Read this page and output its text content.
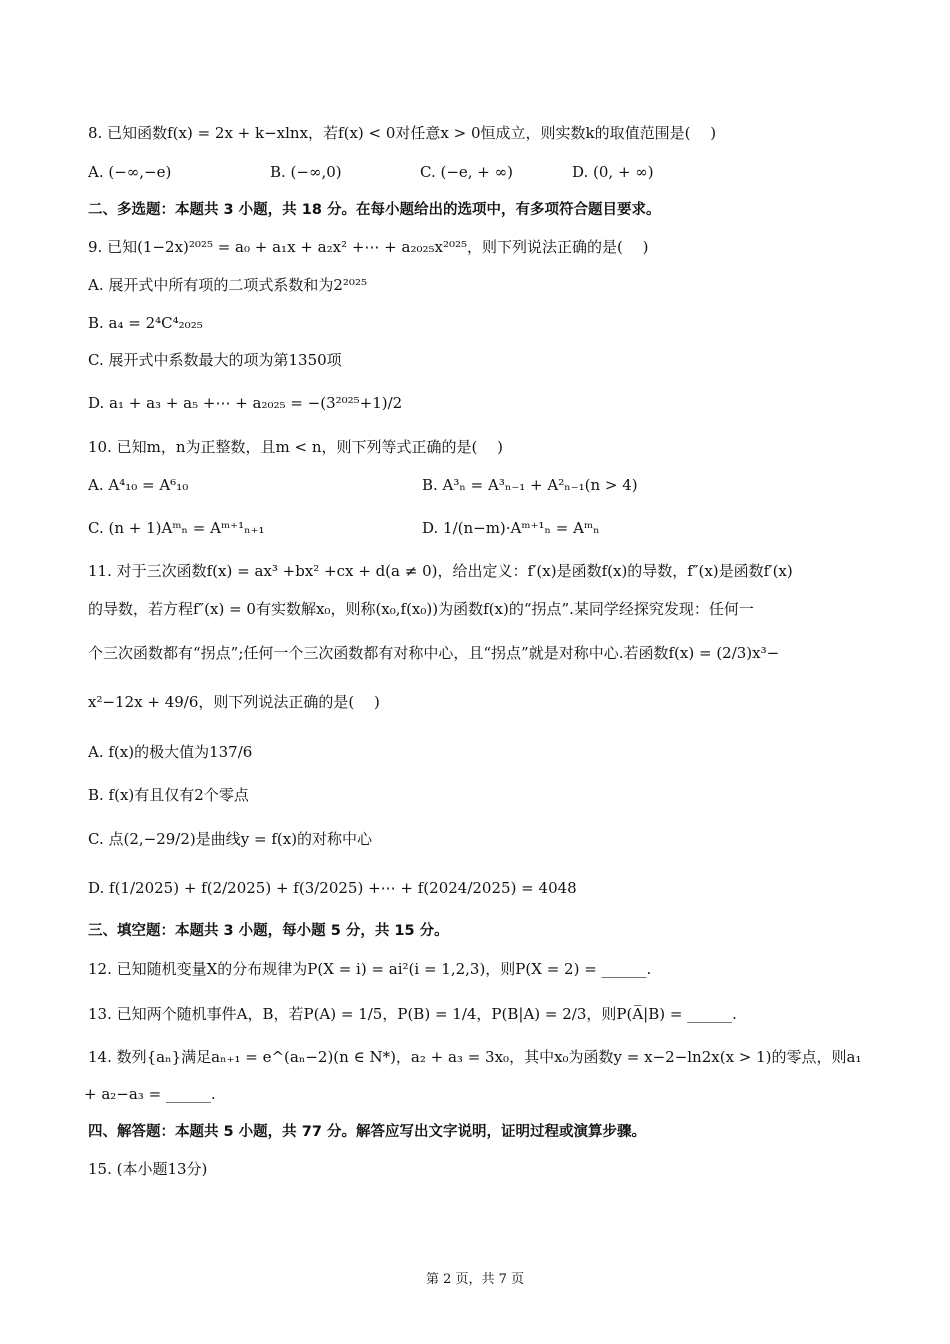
8. 已知函数f(x) = 2x + k−xlnx，若f(x) < 0对任意x > 0恒成立，则实数k的取值范围是(  )
A. (−∞,−e)	B. (−∞,0)	C. (−e, + ∞)	D. (0, + ∞)
二、多选题：本题共 3 小题，共 18 分。在每小题给出的选项中，有多项符合题目要求。
9. 已知(1−2x)²⁰²⁵ = a₀ + a₁x + a₂x² +⋯ + a₂₀₂₅x²⁰²⁵，则下列说法正确的是(  )
A. 展开式中所有项的二项式系数和为2²⁰²⁵
B. a₄ = 2⁴C⁴₂₀₂₅
C. 展开式中系数最大的项为第1350项
D. a₁ + a₃ + a₅ +⋯ + a₂₀₂₅ = −(3²⁰²⁵+1)/2
10. 已知m，n为正整数，且m < n，则下列等式正确的是(  )
A. A⁴₁₀ = A⁶₁₀	B. A³ₙ = A³ₙ₋₁ + A²ₙ₋₁(n > 4)
C. (n + 1)Aᵐₙ = Aᵐ⁺¹ₙ₊₁	D. 1/(n−m)·Aᵐ⁺¹ₙ = Aᵐₙ
11. 对于三次函数f(x) = ax³ +bx² +cx + d(a ≠ 0)，给出定义：f′(x)是函数f(x)的导数，f″(x)是函数f′(x)
的导数，若方程f″(x) = 0有实数解x₀，则称(x₀,f(x₀))为函数f(x)的“拐点”.某同学经探究发现：任何一
个三次函数都有“拐点”;任何一个三次函数都有对称中心，且“拐点”就是对称中心.若函数f(x) = (2/3)x³−
x²−12x + 49/6，则下列说法正确的是(  )
A. f(x)的极大值为137/6
B. f(x)有且仅有2个零点
C. 点(2,−29/2)是曲线y = f(x)的对称中心
D. f(1/2025) + f(2/2025) + f(3/2025) +⋯ + f(2024/2025) = 4048
三、填空题：本题共 3 小题，每小题 5 分，共 15 分。
12. 已知随机变量X的分布规律为P(X = i) = ai²(i = 1,2,3)，则P(X = 2) = ______.
13. 已知两个随机事件A，B，若P(A) = 1/5，P(B) = 1/4，P(B|A) = 2/3，则P(A̅|B) = ______.
14. 数列{aₙ}满足aₙ₊₁ = e^(aₙ−2)(n ∈ N*)，a₂ + a₃ = 3x₀，其中x₀为函数y = x−2−ln2x(x > 1)的零点，则a₁
+ a₂−a₃ = ______.
四、解答题：本题共 5 小题，共 77 分。解答应写出文字说明，证明过程或演算步骤。
15. (本小题13分)
第 2 页，共 7 页
